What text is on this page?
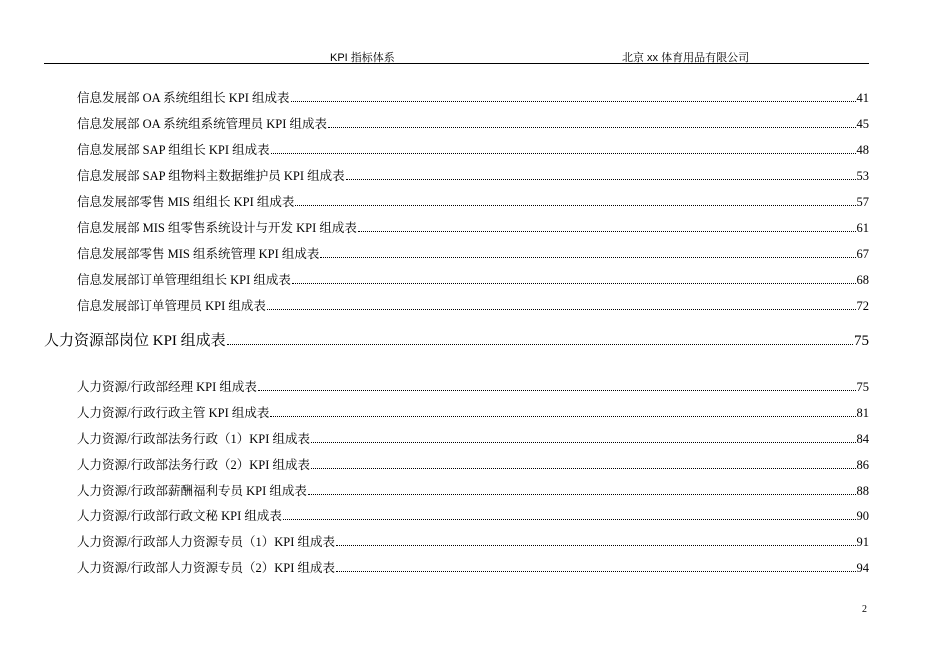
KPI 指标体系	北京 xx 体育用品有限公司
信息发展部 OA 系统组组长 KPI 组成表	41
信息发展部 OA 系统组系统管理员 KPI 组成表	45
信息发展部 SAP 组组长 KPI 组成表	48
信息发展部 SAP 组物料主数据维护员 KPI 组成表	53
信息发展部零售 MIS 组组长 KPI 组成表	57
信息发展部 MIS 组零售系统设计与开发 KPI 组成表	61
信息发展部零售 MIS 组系统管理 KPI 组成表	67
信息发展部订单管理组组长 KPI 组成表	68
信息发展部订单管理员 KPI 组成表	72
人力资源部岗位 KPI 组成表	75
人力资源/行政部经理 KPI 组成表	75
人力资源/行政行政主管 KPI 组成表	81
人力资源/行政部法务行政（1）KPI 组成表	84
人力资源/行政部法务行政（2）KPI 组成表	86
人力资源/行政部薪酬福利专员 KPI 组成表	88
人力资源/行政部行政文秘 KPI 组成表	90
人力资源/行政部人力资源专员（1）KPI 组成表	91
人力资源/行政部人力资源专员（2）KPI 组成表	94
2
